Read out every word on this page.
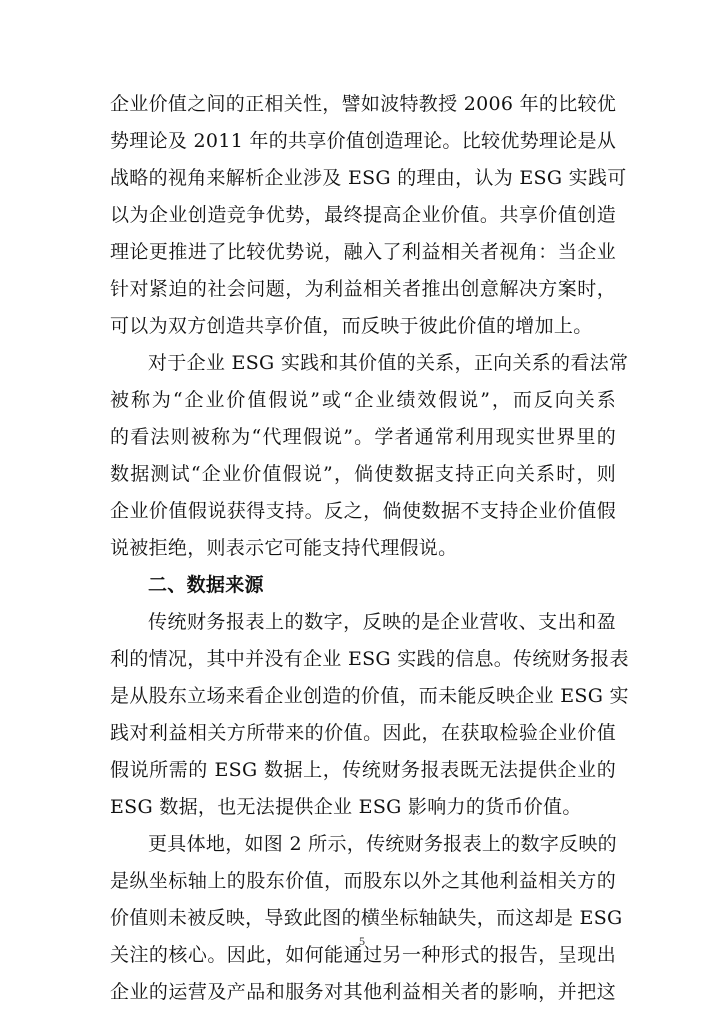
企业价值之间的正相关性，譬如波特教授 2006 年的比较优
势理论及 2011 年的共享价值创造理论。比较优势理论是从
战略的视角来解析企业涉及 ESG 的理由，认为 ESG 实践可
以为企业创造竞争优势，最终提高企业价值。共享价值创造
理论更推进了比较优势说，融入了利益相关者视角：当企业
针对紧迫的社会问题，为利益相关者推出创意解决方案时，
可以为双方创造共享价值，而反映于彼此价值的增加上。
对于企业 ESG 实践和其价值的关系，正向关系的看法常
被称为“企业价值假说”或“企业绩效假说”，而反向关系
的看法则被称为“代理假说”。学者通常利用现实世界里的
数据测试“企业价值假说”，倘使数据支持正向关系时，则
企业价值假说获得支持。反之，倘使数据不支持企业价值假
说被拒绝，则表示它可能支持代理假说。
二、数据来源
传统财务报表上的数字，反映的是企业营收、支出和盈
利的情况，其中并没有企业 ESG 实践的信息。传统财务报表
是从股东立场来看企业创造的价值，而未能反映企业 ESG 实
践对利益相关方所带来的价值。因此，在获取检验企业价值
假说所需的 ESG 数据上，传统财务报表既无法提供企业的
ESG 数据，也无法提供企业 ESG 影响力的货币价值。
更具体地，如图 2 所示，传统财务报表上的数字反映的
是纵坐标轴上的股东价值，而股东以外之其他利益相关方的
价值则未被反映，导致此图的横坐标轴缺失，而这却是 ESG
关注的核心。因此，如何能通过另一种形式的报告，呈现出
企业的运营及产品和服务对其他利益相关者的影响，并把这
5
